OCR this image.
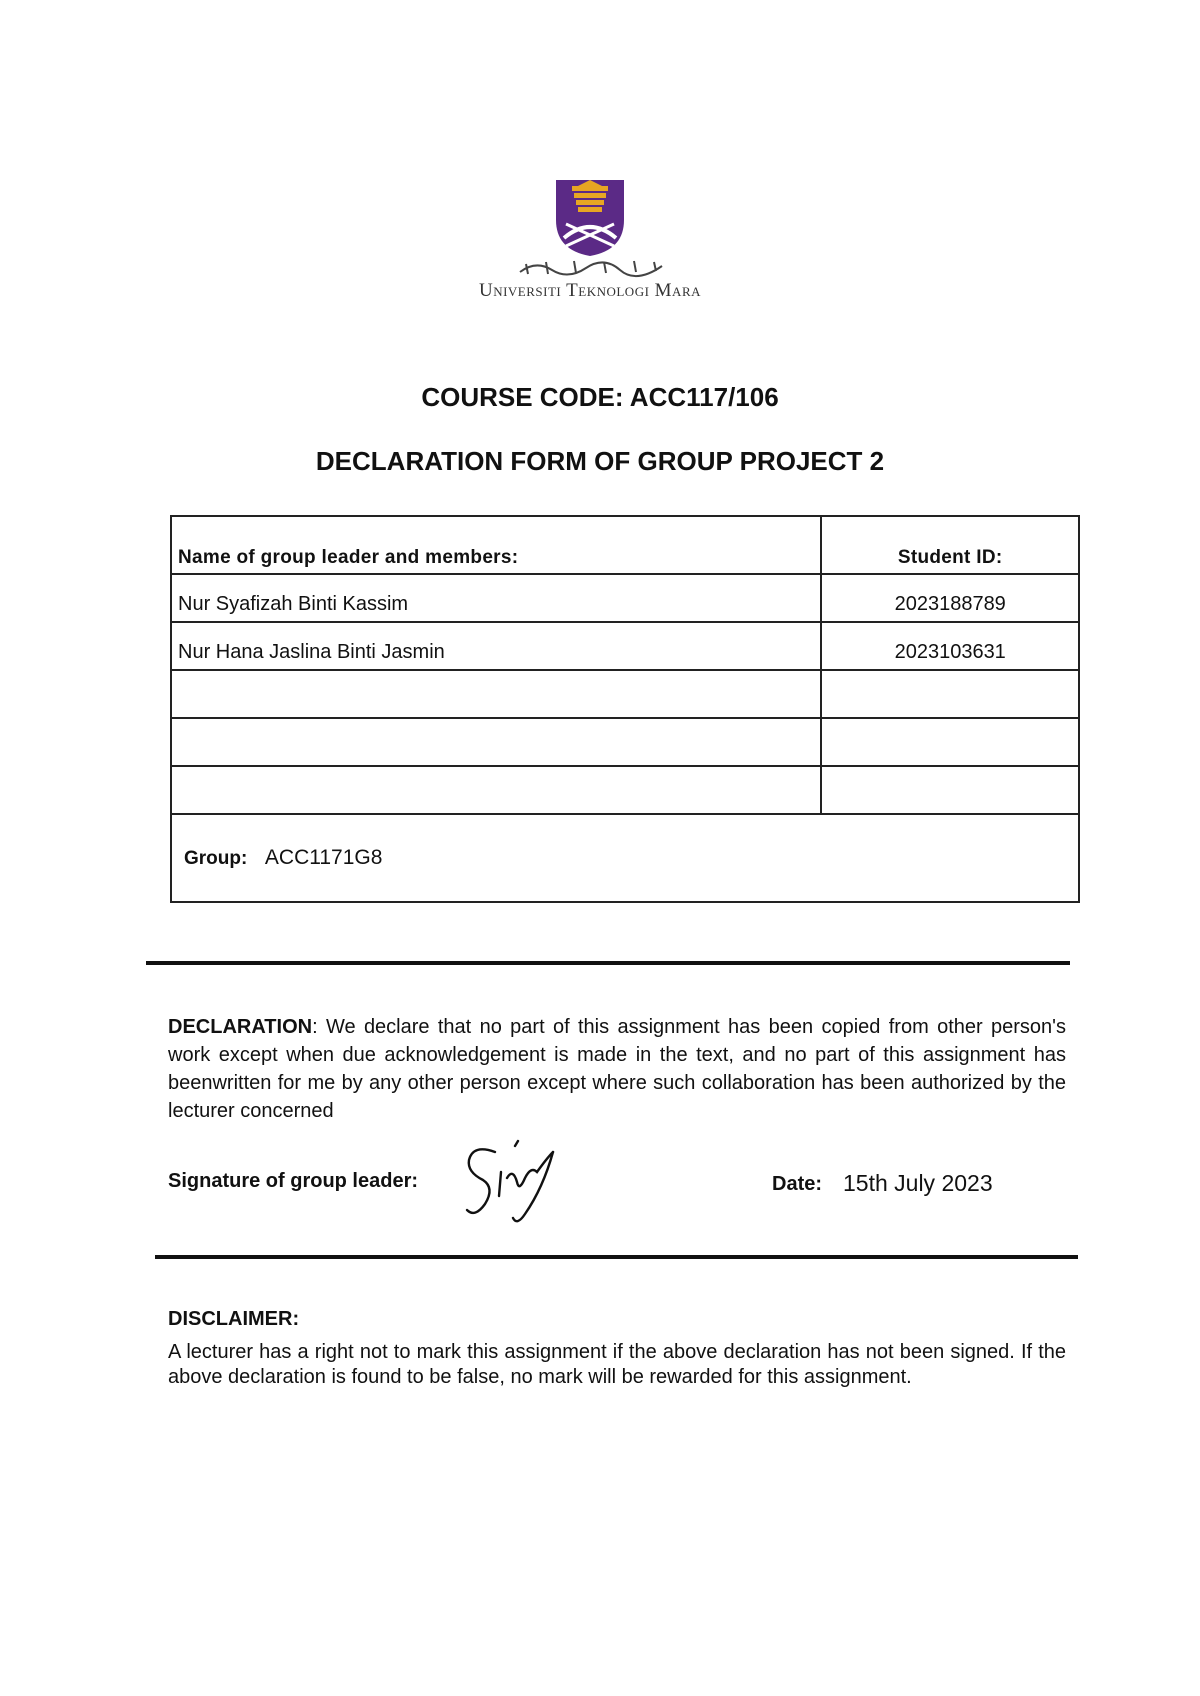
Universiti Teknologi Mara
COURSE CODE: ACC117/106
DECLARATION FORM OF GROUP PROJECT 2
Name of group leader and members:	Student ID:
Nur Syafizah Binti Kassim	2023188789
Nur Hana Jaslina Binti Jasmin	2023103631

Group: ACC1171G8	
DECLARATION: We declare that no part of this assignment has been copied from other person's work except when due acknowledgement is made in the text, and no part of this assignment has beenwritten for me by any other person except where such collaboration has been authorized by the lecturer concerned
Signature of group leader:	Date: 15th July 2023
DISCLAIMER:
A lecturer has a right not to mark this assignment if the above declaration has not been signed. If the above declaration is found to be false, no mark will be rewarded for this assignment.
